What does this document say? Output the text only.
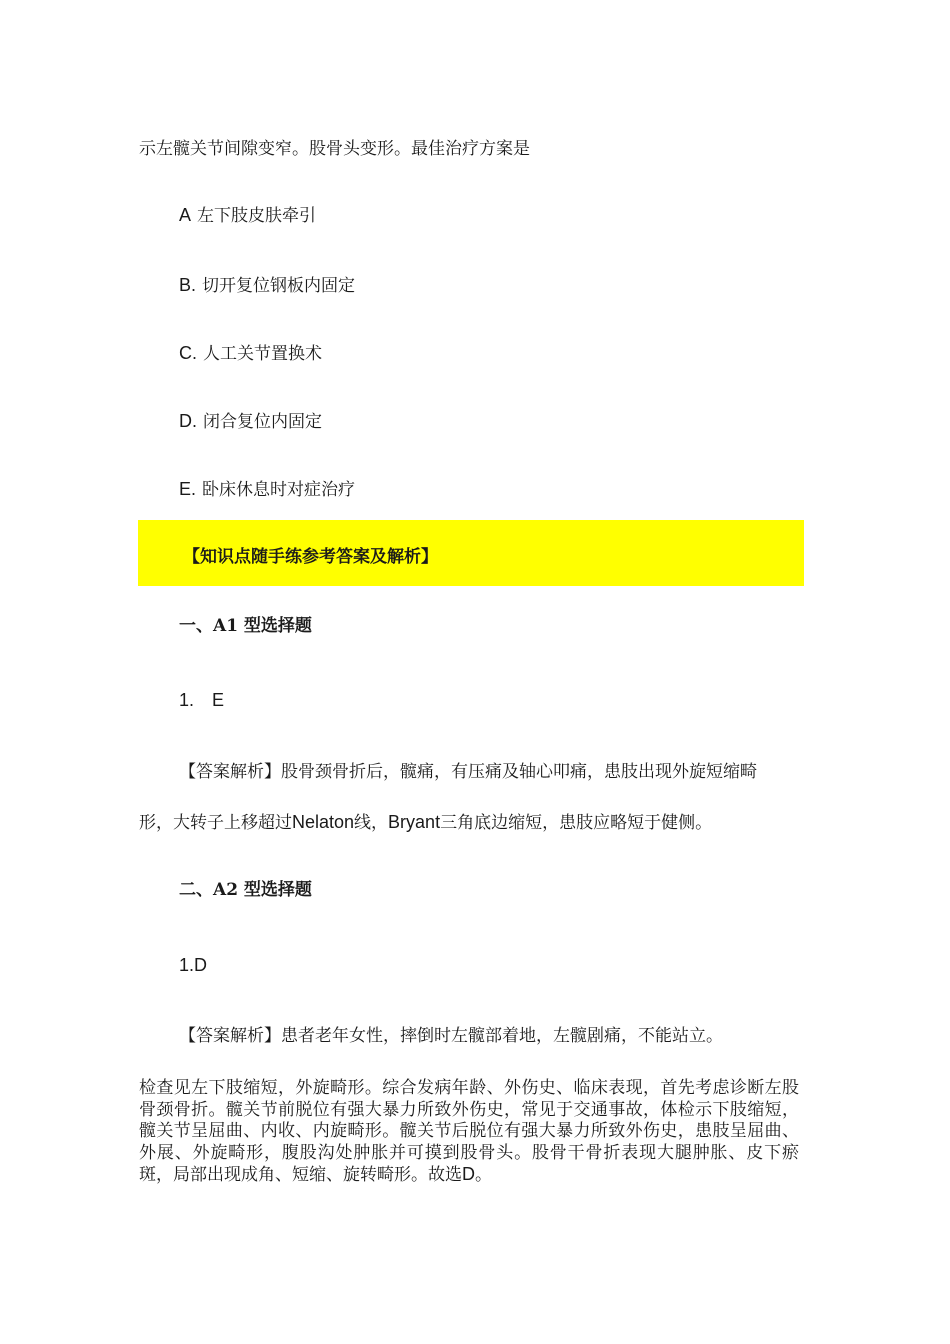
示左髋关节间隙变窄。股骨头变形。最佳治疗方案是
A 左下肢皮肤牵引
B. 切开复位钢板内固定
C. 人工关节置换术
D. 闭合复位内固定
E. 卧床休息时对症治疗
【知识点随手练参考答案及解析】
一、A1 型选择题
1. E
【答案解析】股骨颈骨折后，髋痛，有压痛及轴心叩痛，患肢出现外旋短缩畸
形，大转子上移超过Nelaton线，Bryant三角底边缩短，患肢应略短于健侧。
二、A2 型选择题
1.D
【答案解析】患者老年女性，摔倒时左髋部着地，左髋剧痛，不能站立。
检查见左下肢缩短，外旋畸形。综合发病年龄、外伤史、临床表现，首先考虑诊断左股骨颈骨折。髋关节前脱位有强大暴力所致外伤史，常见于交通事故，体检示下肢缩短，髋关节呈屈曲、内收、内旋畸形。髋关节后脱位有强大暴力所致外伤史，患肢呈屈曲、外展、外旋畸形，腹股沟处肿胀并可摸到股骨头。股骨干骨折表现大腿肿胀、皮下瘀斑，局部出现成角、短缩、旋转畸形。故选D。
